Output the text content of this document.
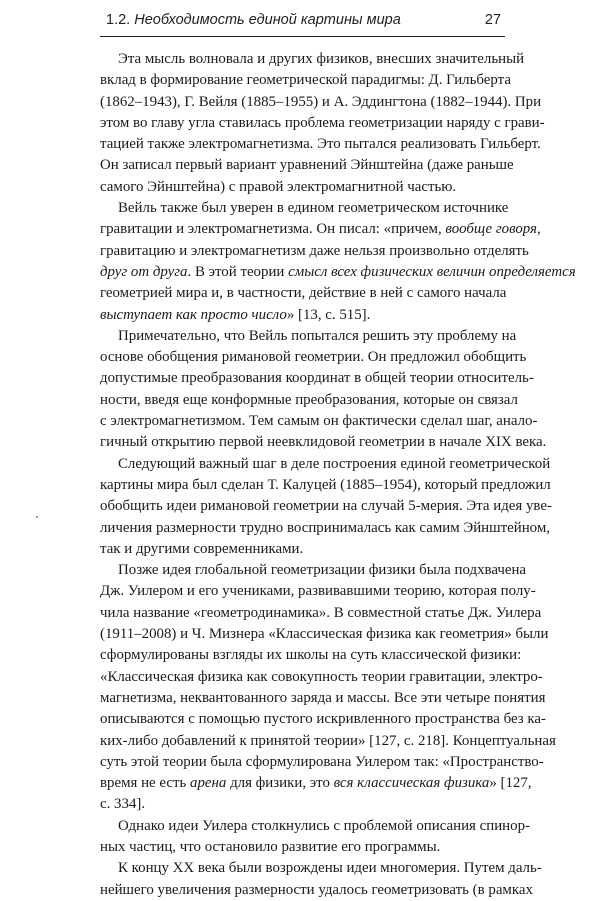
1.2. Необходимость единой картины мира	27
Эта мысль волновала и других физиков, внесших значительный
вклад в формирование геометрической парадигмы: Д. Гильберта
(1862–1943), Г. Вейля (1885–1955) и А. Эддингтона (1882–1944). При
этом во главу угла ставилась проблема геометризации наряду с грави-
тацией также электромагнетизма. Это пытался реализовать Гильберт.
Он записал первый вариант уравнений Эйнштейна (даже раньше
самого Эйнштейна) с правой электромагнитной частью.
Вейль также был уверен в едином геометрическом источнике
гравитации и электромагнетизма. Он писал: «причем, вообще говоря,
гравитацию и электромагнетизм даже нельзя произвольно отделять
друг от друга. В этой теории смысл всех физических величин определяется
геометрией мира и, в частности, действие в ней с самого начала
выступает как просто число» [13, с. 515].
Примечательно, что Вейль попытался решить эту проблему на
основе обобщения римановой геометрии. Он предложил обобщить
допустимые преобразования координат в общей теории относитель-
ности, введя еще конформные преобразования, которые он связал
с электромагнетизмом. Тем самым он фактически сделал шаг, анало-
гичный открытию первой неевклидовой геометрии в начале XIX века.
Следующий важный шаг в деле построения единой геометрической
картины мира был сделан Т. Калуцей (1885–1954), который предложил
обобщить идеи римановой геометрии на случай 5-мерия. Эта идея уве-
личения размерности трудно воспринималась как самим Эйнштейном,
так и другими современниками.
Позже идея глобальной геометризации физики была подхвачена
Дж. Уилером и его учениками, развивавшими теорию, которая полу-
чила название «геометродинамика». В совместной статье Дж. Уилера
(1911–2008) и Ч. Мизнера «Классическая физика как геометрия» были
сформулированы взгляды их школы на суть классической физики:
«Классическая физика как совокупность теории гравитации, электро-
магнетизма, неквантованного заряда и массы. Все эти четыре понятия
описываются с помощью пустого искривленного пространства без ка-
ких-либо добавлений к принятой теории» [127, с. 218]. Концептуальная
суть этой теории была сформулирована Уилером так: «Пространство-
время не есть арена для физики, это вся классическая физика» [127,
с. 334].
Однако идеи Уилера столкнулись с проблемой описания спинор-
ных частиц, что остановило развитие его программы.
К концу XX века были возрождены идеи многомерия. Путем даль-
нейшего увеличения размерности удалось геометризовать (в рамках
